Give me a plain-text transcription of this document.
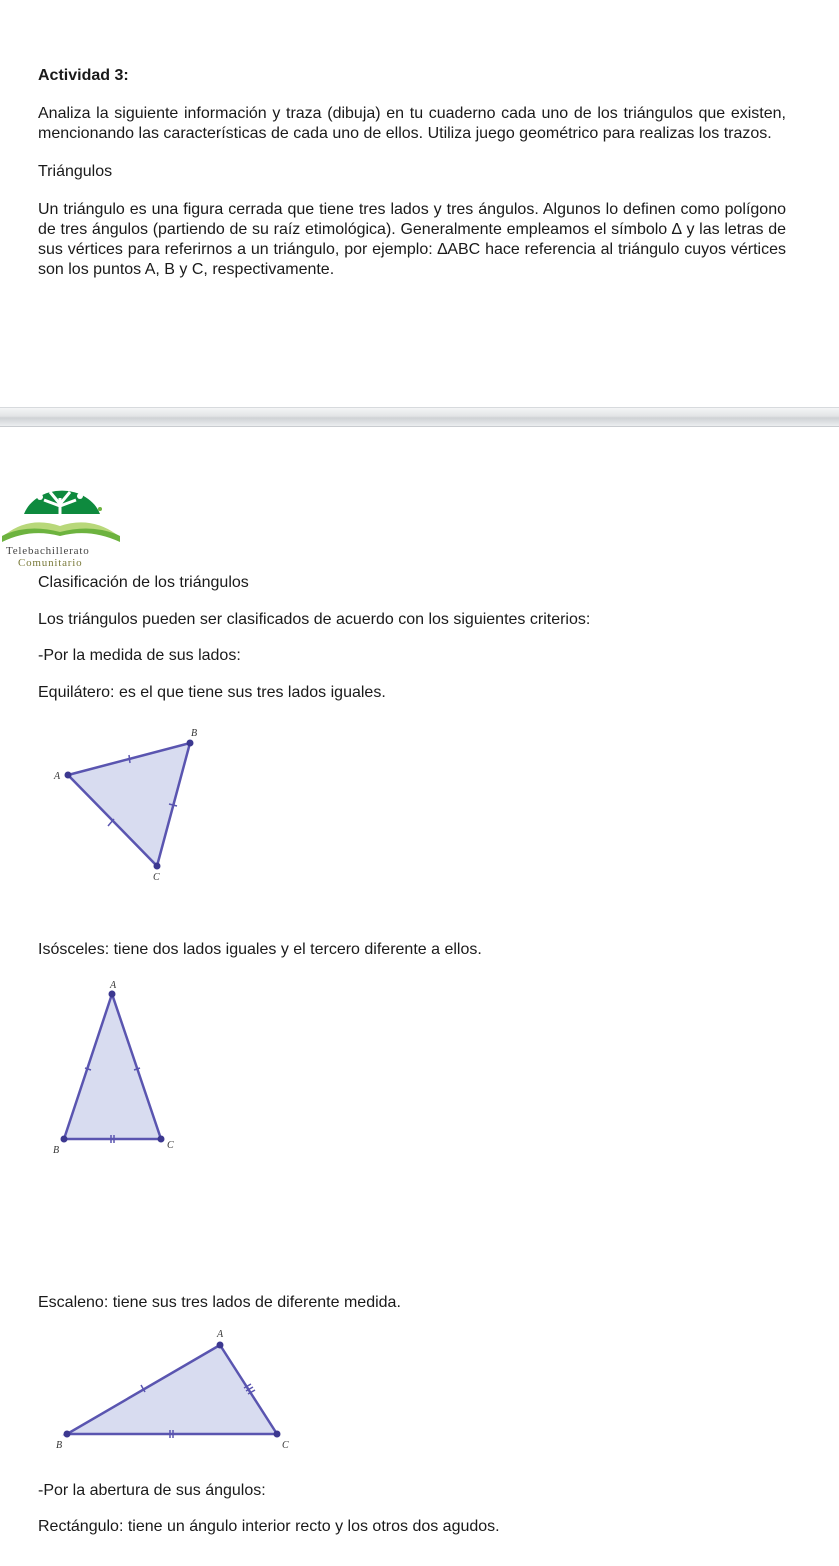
Actividad 3:
Analiza la siguiente información y traza (dibuja) en tu cuaderno cada uno de los triángulos que existen, mencionando las características de cada uno de ellos. Utiliza juego geométrico para realizas los trazos.
Triángulos
Un triángulo es una figura cerrada que tiene tres lados y tres ángulos. Algunos lo definen como polígono de tres ángulos (partiendo de su raíz etimológica). Generalmente empleamos el símbolo ∆ y las letras de sus vértices para referirnos a un triángulo, por ejemplo: ∆ABC hace referencia al triángulo cuyos vértices son los puntos A, B y C, respectivamente.
Telebachillerato
Comunitario
Clasificación de los triángulos
Los triángulos pueden ser clasificados de acuerdo con los siguientes criterios:
-Por la medida de sus lados:
Equilátero: es el que tiene sus tres lados iguales.
A
B
C
Isósceles: tiene dos lados iguales y el tercero diferente a ellos.
A
B	C
Escaleno: tiene sus tres lados de diferente medida.
A
B	C
-Por la abertura de sus ángulos:
Rectángulo: tiene un ángulo interior recto y los otros dos agudos.
